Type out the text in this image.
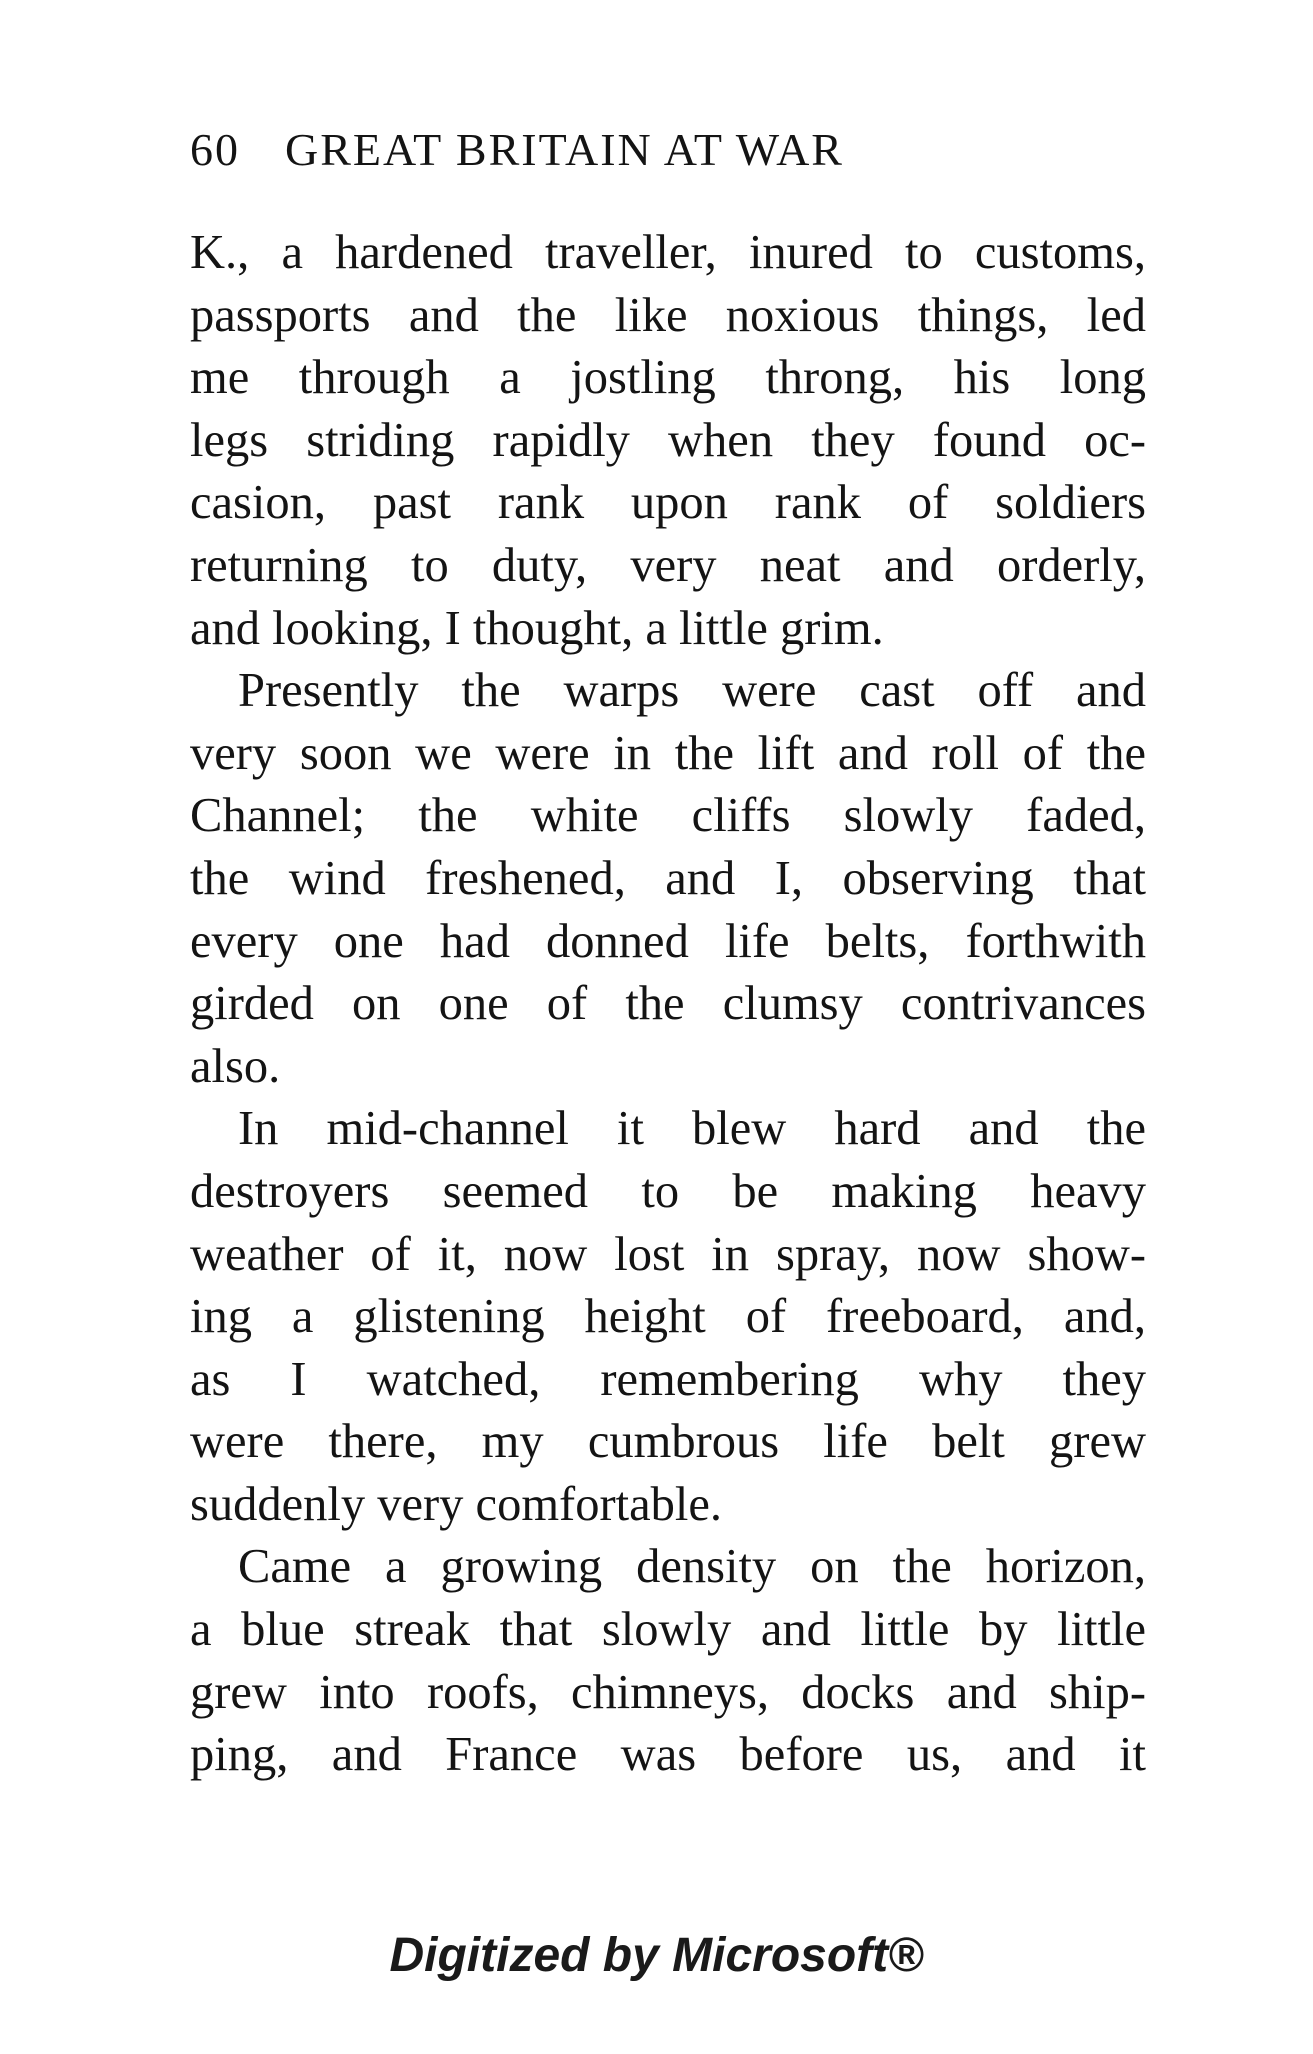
60 GREAT BRITAIN AT WAR
K., a hardened traveller, inured to customs,
passports and the like noxious things, led
me through a jostling throng, his long
legs striding rapidly when they found oc-
casion, past rank upon rank of soldiers
returning to duty, very neat and orderly,
and looking, I thought, a little grim.
Presently the warps were cast off and
very soon we were in the lift and roll of the
Channel; the white cliffs slowly faded,
the wind freshened, and I, observing that
every one had donned life belts, forthwith
girded on one of the clumsy contrivances
also.
In mid-channel it blew hard and the
destroyers seemed to be making heavy
weather of it, now lost in spray, now show-
ing a glistening height of freeboard, and,
as I watched, remembering why they
were there, my cumbrous life belt grew
suddenly very comfortable.
Came a growing density on the horizon,
a blue streak that slowly and little by little
grew into roofs, chimneys, docks and ship-
ping, and France was before us, and it
Digitized by Microsoft®
